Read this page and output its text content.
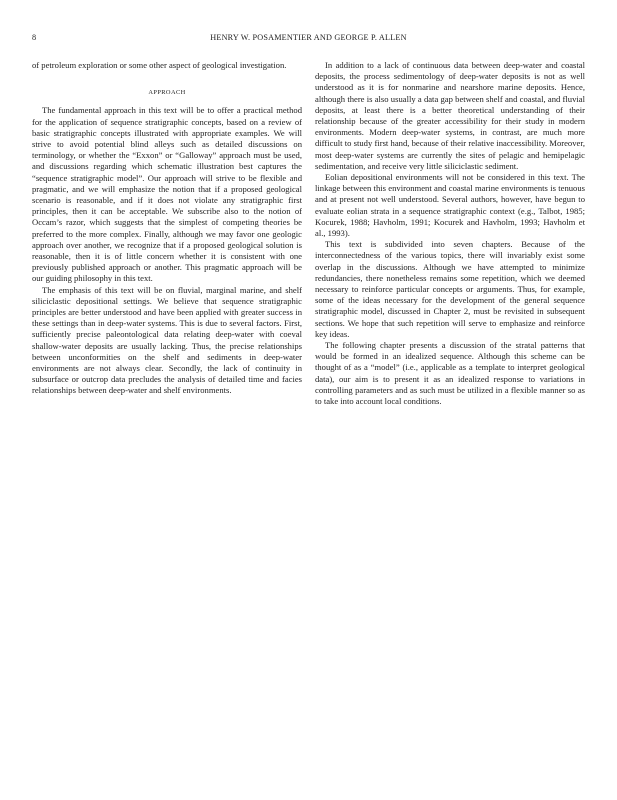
8	HENRY W. POSAMENTIER AND GEORGE P. ALLEN

of petroleum exploration or some other aspect of geological investigation.

APPROACH

The fundamental approach in this text will be to offer a practical method for the application of sequence stratigraphic concepts, based on a review of basic stratigraphic concepts illustrated with appropriate examples. We will strive to avoid potential blind alleys such as detailed discussions on terminology, or whether the “Exxon” or “Galloway” approach must be used, and discussions regarding which schematic illustration best captures the “sequence stratigraphic model”. Our approach will strive to be flexible and pragmatic, and we will emphasize the notion that if a proposed geological scenario is reasonable, and if it does not violate any stratigraphic first principles, then it can be acceptable. We subscribe also to the notion of Occam’s razor, which suggests that the simplest of competing theories be preferred to the more complex. Finally, although we may favor one geologic approach over another, we recognize that if a proposed geological solution is reasonable, then it is of little concern whether it is consistent with one previously published approach or another. This pragmatic approach will be our guiding philosophy in this text.

The emphasis of this text will be on fluvial, marginal marine, and shelf siliciclastic depositional settings. We believe that sequence stratigraphic principles are better understood and have been applied with greater success in these settings than in deep-water systems. This is due to several factors. First, sufficiently precise paleontological data relating deep-water with coeval shallow-water deposits are usually lacking. Thus, the precise relationships between unconformities on the shelf and sediments in deep-water environments are not always clear. Secondly, the lack of continuity in subsurface or outcrop data precludes the analysis of detailed time and facies relationships between deep-water and shelf environments.

In addition to a lack of continuous data between deep-water and coastal deposits, the process sedimentology of deep-water deposits is not as well understood as it is for nonmarine and nearshore marine deposits. Hence, although there is also usually a data gap between shelf and coastal, and fluvial deposits, at least there is a better theoretical understanding of their relationship because of the greater accessibility for their study in modern environments. Modern deep-water systems, in contrast, are much more difficult to study first hand, because of their relative inaccessibility. Moreover, most deep-water systems are currently the sites of pelagic and hemipelagic sedimentation, and receive very little siliciclastic sediment.

Eolian depositional environments will not be considered in this text. The linkage between this environment and coastal marine environments is tenuous and at present not well understood. Several authors, however, have begun to evaluate eolian strata in a sequence stratigraphic context (e.g., Talbot, 1985; Kocurek, 1988; Havholm, 1991; Kocurek and Havholm, 1993; Havholm et al., 1993).

This text is subdivided into seven chapters. Because of the interconnectedness of the various topics, there will invariably exist some overlap in the discussions. Although we have attempted to minimize redundancies, there nonetheless remains some repetition, which we deemed necessary to reinforce particular concepts or arguments. Thus, for example, some of the ideas necessary for the development of the general sequence stratigraphic model, discussed in Chapter 2, must be revisited in subsequent sections. We hope that such repetition will serve to emphasize and reinforce key ideas.

The following chapter presents a discussion of the stratal patterns that would be formed in an idealized sequence. Although this scheme can be thought of as a “model” (i.e., applicable as a template to interpret geological data), our aim is to present it as an idealized response to variations in controlling parameters and as such must be utilized in a flexible manner so as to take into account local conditions.
